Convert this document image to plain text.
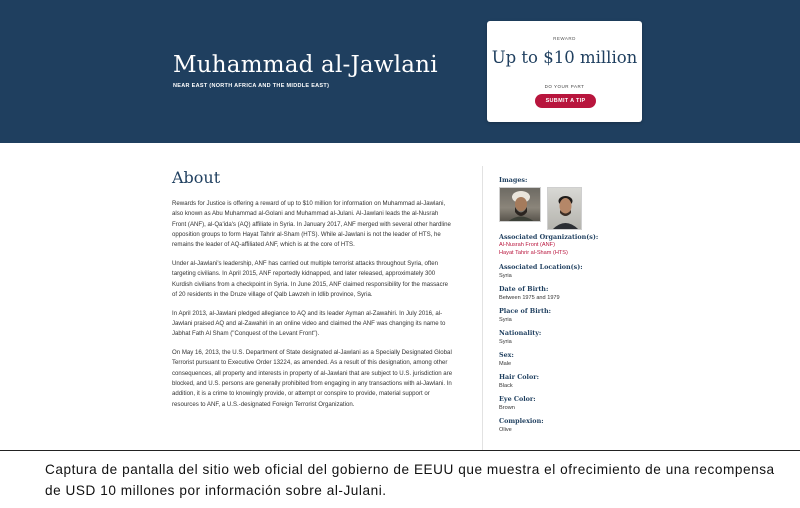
Muhammad al-Jawlani
NEAR EAST (NORTH AFRICA AND THE MIDDLE EAST)
REWARD
Up to $10 million
DO YOUR PART
SUBMIT A TIP
About

Rewards for Justice is offering a reward of up to $10 million for information on Muhammad al-Jawlani, also known as Abu Muhammad al-Golani and Muhammad al-Julani. Al-Jawlani leads the al-Nusrah Front (ANF), al-Qa'ida's (AQ) affiliate in Syria. In January 2017, ANF merged with several other hardline opposition groups to form Hayat Tahrir al-Sham (HTS). While al-Jawlani is not the leader of HTS, he remains the leader of AQ-affiliated ANF, which is at the core of HTS.

Under al-Jawlani's leadership, ANF has carried out multiple terrorist attacks throughout Syria, often targeting civilians. In April 2015, ANF reportedly kidnapped, and later released, approximately 300 Kurdish civilians from a checkpoint in Syria. In June 2015, ANF claimed responsibility for the massacre of 20 residents in the Druze village of Qalb Lawzeh in Idlib province, Syria.

In April 2013, al-Jawlani pledged allegiance to AQ and its leader Ayman al-Zawahiri. In July 2016, al-Jawlani praised AQ and al-Zawahiri in an online video and claimed the ANF was changing its name to Jabhat Fath Al Sham ("Conquest of the Levant Front").

On May 16, 2013, the U.S. Department of State designated al-Jawlani as a Specially Designated Global Terrorist pursuant to Executive Order 13224, as amended. As a result of this designation, among other consequences, all property and interests in property of al-Jawlani that are subject to U.S. jurisdiction are blocked, and U.S. persons are generally prohibited from engaging in any transactions with al-Jawlani. In addition, it is a crime to knowingly provide, or attempt or conspire to provide, material support or resources to ANF, a U.S.-designated Foreign Terrorist Organization.

Images:
Associated Organization(s):
Al-Nusrah Front (ANF)
Hayat Tahrir al-Sham (HTS)
Associated Location(s):
Syria
Date of Birth:
Between 1975 and 1979
Place of Birth:
Syria
Nationality:
Syria
Sex:
Male
Hair Color:
Black
Eye Color:
Brown
Complexion:
Olive
Captura de pantalla del sitio web oficial del gobierno de EEUU que muestra el ofrecimiento de una recompensa de USD 10 millones por información sobre al-Julani.
